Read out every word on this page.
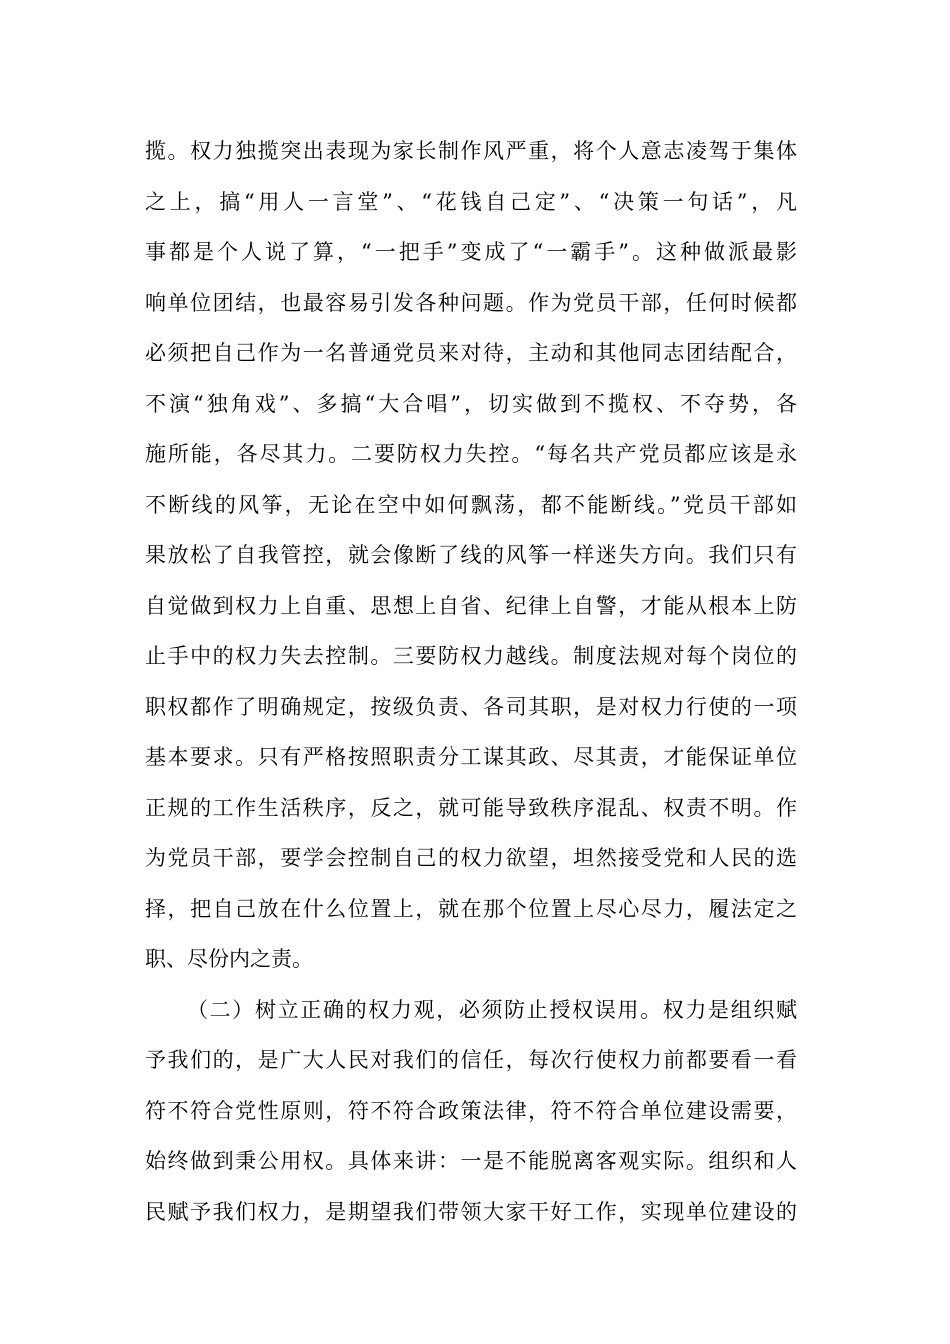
揽。权力独揽突出表现为家长制作风严重，将个人意志凌驾于集体
之上，搞“用人一言堂”、“花钱自己定”、“决策一句话”，凡
事都是个人说了算，“一把手”变成了“一霸手”。这种做派最影
响单位团结，也最容易引发各种问题。作为党员干部，任何时候都
必须把自己作为一名普通党员来对待，主动和其他同志团结配合，
不演“独角戏”、多搞“大合唱”，切实做到不揽权、不夺势，各
施所能，各尽其力。二要防权力失控。“每名共产党员都应该是永
不断线的风筝，无论在空中如何飘荡，都不能断线。”党员干部如
果放松了自我管控，就会像断了线的风筝一样迷失方向。我们只有
自觉做到权力上自重、思想上自省、纪律上自警，才能从根本上防
止手中的权力失去控制。三要防权力越线。制度法规对每个岗位的
职权都作了明确规定，按级负责、各司其职，是对权力行使的一项
基本要求。只有严格按照职责分工谋其政、尽其责，才能保证单位
正规的工作生活秩序，反之，就可能导致秩序混乱、权责不明。作
为党员干部，要学会控制自己的权力欲望，坦然接受党和人民的选
择，把自己放在什么位置上，就在那个位置上尽心尽力，履法定之
职、尽份内之责。
（二）树立正确的权力观，必须防止授权误用。权力是组织赋
予我们的，是广大人民对我们的信任，每次行使权力前都要看一看
符不符合党性原则，符不符合政策法律，符不符合单位建设需要，
始终做到秉公用权。具体来讲：一是不能脱离客观实际。组织和人
民赋予我们权力，是期望我们带领大家干好工作，实现单位建设的
